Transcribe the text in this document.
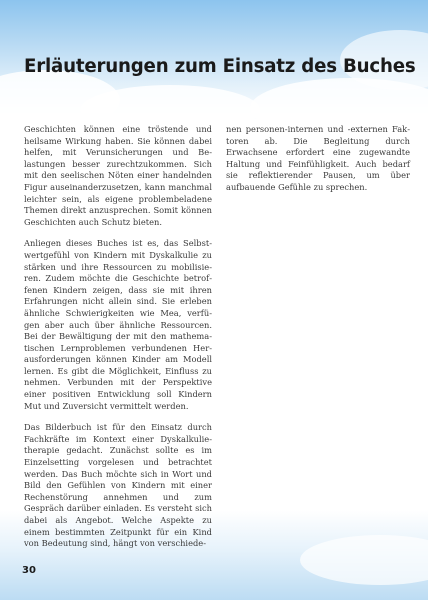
Erläuterungen zum Einsatz des Buches

Geschichten können eine tröstende und heilsame Wirkung haben. Sie können dabei helfen, mit Verunsicherungen und Belastungen besser zurechtzukommen. Sich mit den seelischen Nöten einer handelnden Figur auseinanderzusetzen, kann manchmal leichter sein, als eigene problembeladene Themen direkt anzusprechen. Somit können Geschichten auch Schutz bieten.

Anliegen dieses Buches ist es, das Selbstwertgefühl von Kindern mit Dyskalkulie zu stärken und ihre Ressourcen zu mobilisieren. Zudem möchte die Geschichte betroffenen Kindern zeigen, dass sie mit ihren Erfahrungen nicht allein sind. Sie erleben ähnliche Schwierigkeiten wie Mea, verfügen aber auch über ähnliche Ressourcen. Bei der Bewältigung der mit den mathematischen Lernproblemen verbundenen Herausforderungen können Kinder am Modell lernen. Es gibt die Möglichkeit, Einfluss zu nehmen. Verbunden mit der Perspektive einer positiven Entwicklung soll Kindern Mut und Zuversicht vermittelt werden.

Das Bilderbuch ist für den Einsatz durch Fachkräfte im Kontext einer Dyskalkulietherapie gedacht. Zunächst sollte es im Einzelsetting vorgelesen und betrachtet werden. Das Buch möchte sich in Wort und Bild den Gefühlen von Kindern mit einer Rechenstörung annehmen und zum Gespräch darüber einladen. Es versteht sich dabei als Angebot. Welche Aspekte zu einem bestimmten Zeitpunkt für ein Kind von Bedeutung sind, hängt von verschiede-

nen personen-internen und -externen Faktoren ab. Die Begleitung durch Erwachsene erfordert eine zugewandte Haltung und Feinfühligkeit. Auch bedarf sie reflektierender Pausen, um über aufbauende Gefühle zu sprechen.

30
